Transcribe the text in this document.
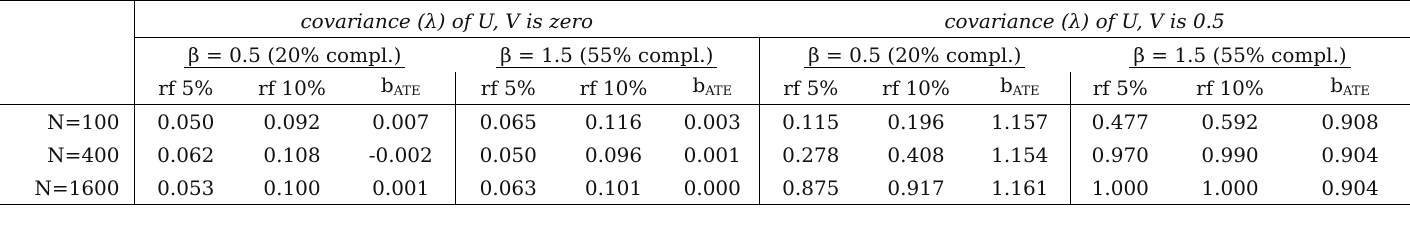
	covariance (λ) of U, V is zero						covariance (λ) of U, V is 0.5					
	β = 0.5 (20% compl.)			β = 1.5 (55% compl.)			β = 0.5 (20% compl.)			β = 1.5 (55% compl.)		
	rf 5%	rf 10%	$b_{ATE}$	rf 5%	rf 10%	$b_{ATE}$	rf 5%	rf 10%	$b_{ATE}$	rf 5%	rf 10%	$b_{ATE}$
N=100	0.050	0.092	0.007	0.065	0.116	0.003	0.115	0.196	1.157	0.477	0.592	0.908
N=400	0.062	0.108	-0.002	0.050	0.096	0.001	0.278	0.408	1.154	0.970	0.990	0.904
N=1600	0.053	0.100	0.001	0.063	0.101	0.000	0.875	0.917	1.161	1.000	1.000	0.904
